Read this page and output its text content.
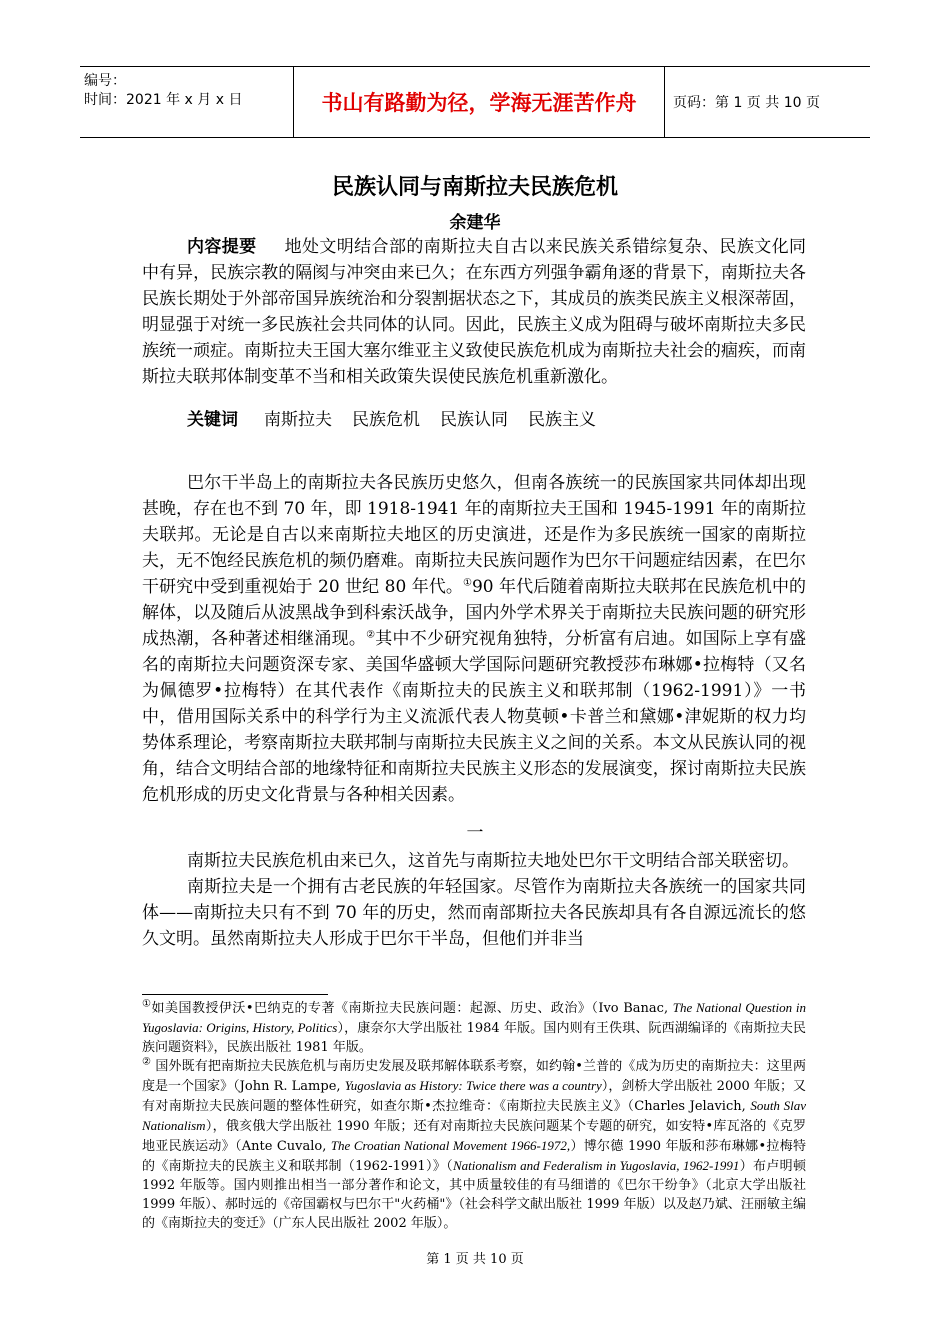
编号：
时间：2021 年 x 月 x 日	书山有路勤为径，学海无涯苦作舟	页码：第 1 页 共 10 页
民族认同与南斯拉夫民族危机
余建华
内容提要 地处文明结合部的南斯拉夫自古以来民族关系错综复杂、民族文化同中有异，民族宗教的隔阂与冲突由来已久；在东西方列强争霸角逐的背景下，南斯拉夫各民族长期处于外部帝国异族统治和分裂割据状态之下，其成员的族类民族主义根深蒂固，明显强于对统一多民族社会共同体的认同。因此，民族主义成为阻碍与破坏南斯拉夫多民族统一顽症。南斯拉夫王国大塞尔维亚主义致使民族危机成为南斯拉夫社会的痼疾，而南斯拉夫联邦体制变革不当和相关政策失误使民族危机重新激化。
关键词 南斯拉夫 民族危机 民族认同 民族主义

巴尔干半岛上的南斯拉夫各民族历史悠久，但南各族统一的民族国家共同体却出现甚晚，存在也不到 70 年，即 1918-1941 年的南斯拉夫王国和 1945-1991 年的南斯拉夫联邦。无论是自古以来南斯拉夫地区的历史演进，还是作为多民族统一国家的南斯拉夫，无不饱经民族危机的频仍磨难。南斯拉夫民族问题作为巴尔干问题症结因素，在巴尔干研究中受到重视始于 20 世纪 80 年代。①90 年代后随着南斯拉夫联邦在民族危机中的解体，以及随后从波黑战争到科索沃战争，国内外学术界关于南斯拉夫民族问题的研究形成热潮，各种著述相继涌现。②其中不少研究视角独特，分析富有启迪。如国际上享有盛名的南斯拉夫问题资深专家、美国华盛顿大学国际问题研究教授莎布琳娜•拉梅特（又名为佩德罗•拉梅特）在其代表作《南斯拉夫的民族主义和联邦制（1962-1991）》一书中，借用国际关系中的科学行为主义流派代表人物莫顿•卡普兰和黛娜•津妮斯的权力均势体系理论，考察南斯拉夫联邦制与南斯拉夫民族主义之间的关系。本文从民族认同的视角，结合文明结合部的地缘特征和南斯拉夫民族主义形态的发展演变，探讨南斯拉夫民族危机形成的历史文化背景与各种相关因素。

一

南斯拉夫民族危机由来已久，这首先与南斯拉夫地处巴尔干文明结合部关联密切。

南斯拉夫是一个拥有古老民族的年轻国家。尽管作为南斯拉夫各族统一的国家共同体——南斯拉夫只有不到 70 年的历史，然而南部斯拉夫各民族却具有各自源远流长的悠久文明。虽然南斯拉夫人形成于巴尔干半岛，但他们并非当

①如美国教授伊沃•巴纳克的专著《南斯拉夫民族问题：起源、历史、政治》（Ivo Banac, The National Question in Yugoslavia: Origins, History, Politics），康奈尔大学出版社 1984 年版。国内则有王佚琪、阮西湖编译的《南斯拉夫民族问题资料》，民族出版社 1981 年版。

② 国外既有把南斯拉夫民族危机与南历史发展及联邦解体联系考察，如约翰•兰普的《成为历史的南斯拉夫：这里两度是一个国家》（John R. Lampe, Yugoslavia as History: Twice there was a country），剑桥大学出版社 2000 年版；又有对南斯拉夫民族问题的整体性研究，如查尔斯•杰拉维奇：《南斯拉夫民族主义》（Charles Jelavich, South Slav Nationalism），俄亥俄大学出版社 1990 年版；还有对南斯拉夫民族问题某个专题的研究，如安特•库瓦洛的《克罗地亚民族运动》（Ante Cuvalo, The Croatian National Movement 1966-1972,）博尔德 1990 年版和莎布琳娜•拉梅特的《南斯拉夫的民族主义和联邦制（1962-1991）》（Nationalism and Federalism in Yugoslavia, 1962-1991）布卢明顿 1992 年版等。国内则推出相当一部分著作和论文，其中质量较佳的有马细谱的《巴尔干纷争》（北京大学出版社 1999 年版）、郝时远的《帝国霸权与巴尔干"火药桶"》（社会科学文献出版社 1999 年版）以及赵乃斌、汪丽敏主编的《南斯拉夫的变迁》（广东人民出版社 2002 年版）。

第 1 页 共 10 页
